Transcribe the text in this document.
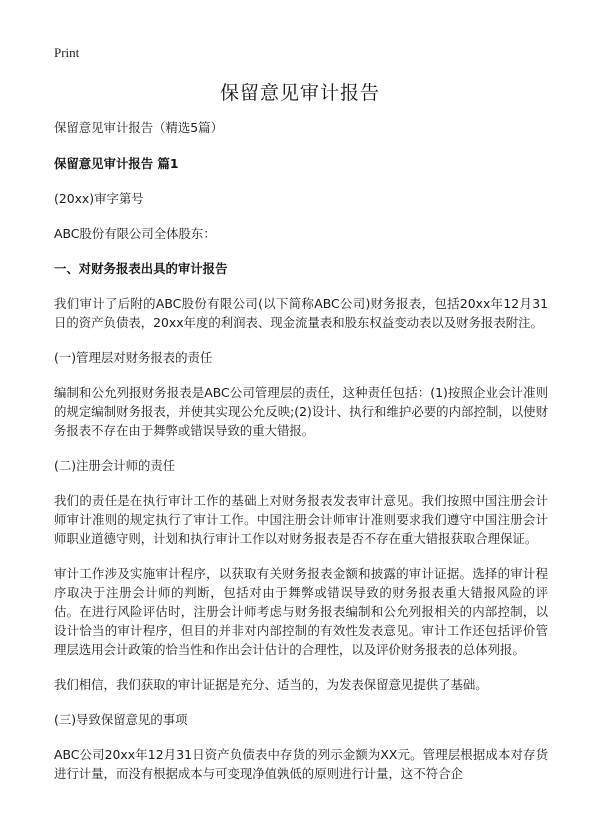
Print
保留意见审计报告

保留意见审计报告（精选5篇）

保留意见审计报告 篇1

(20xx)审字第号

ABC股份有限公司全体股东：

一、对财务报表出具的审计报告

我们审计了后附的ABC股份有限公司(以下简称ABC公司)财务报表，包括20xx年12月31日的资产负债表，20xx年度的利润表、现金流量表和股东权益变动表以及财务报表附注。

(一)管理层对财务报表的责任

编制和公允列报财务报表是ABC公司管理层的责任，这种责任包括：(1)按照企业会计准则的规定编制财务报表，并使其实现公允反映;(2)设计、执行和维护必要的内部控制，以使财务报表不存在由于舞弊或错误导致的重大错报。

(二)注册会计师的责任

我们的责任是在执行审计工作的基础上对财务报表发表审计意见。我们按照中国注册会计师审计准则的规定执行了审计工作。中国注册会计师审计准则要求我们遵守中国注册会计师职业道德守则，计划和执行审计工作以对财务报表是否不存在重大错报获取合理保证。

审计工作涉及实施审计程序，以获取有关财务报表金额和披露的审计证据。选择的审计程序取决于注册会计师的判断，包括对由于舞弊或错误导致的财务报表重大错报风险的评估。在进行风险评估时，注册会计师考虑与财务报表编制和公允列报相关的内部控制，以设计恰当的审计程序，但目的并非对内部控制的有效性发表意见。审计工作还包括评价管理层选用会计政策的恰当性和作出会计估计的合理性，以及评价财务报表的总体列报。

我们相信，我们获取的审计证据是充分、适当的，为发表保留意见提供了基础。

(三)导致保留意见的事项

ABC公司20xx年12月31日资产负债表中存货的列示金额为XX元。管理层根据成本对存货进行计量，而没有根据成本与可变现净值孰低的原则进行计量，这不符合企
